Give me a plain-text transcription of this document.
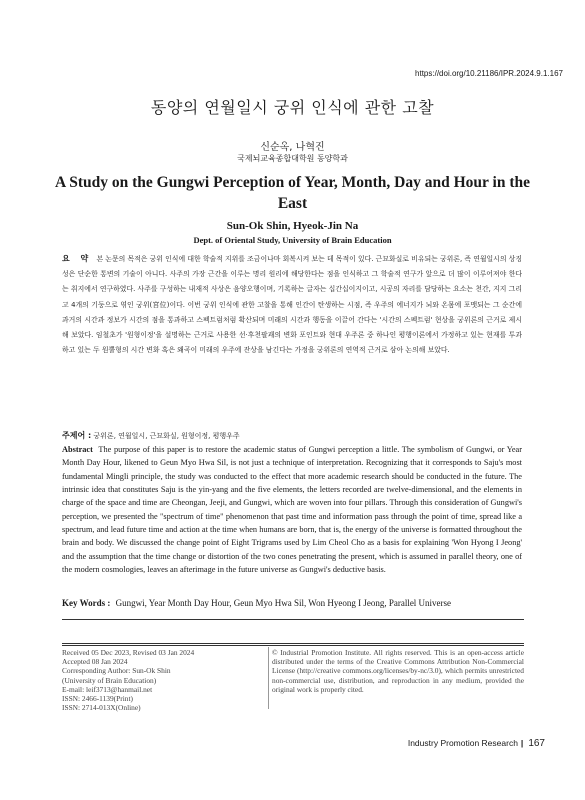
https://doi.org/10.21186/IPR.2024.9.1.167
동양의 연월일시 궁위 인식에 관한 고찰
신순옥, 나혁진
국제뇌교육종합대학원 동양학과
A Study on the Gungwi Perception of Year, Month, Day and Hour in the East
Sun-Ok Shin, Hyeok-Jin Na
Dept. of Oriental Study, University of Brain Education
요 약 본 논문의 목적은 궁위 인식에 대한 학술적 지위를 조금이나마 회복시켜 보는 데 목적이 있다. 근묘화실로 비유되는 궁위론, 즉 연월일시의 상징성은 단순한 통변의 기술이 아니다. 사주의 가장 근간을 이루는 명리 원리에 해당한다는 점을 인식하고 그 학술적 연구가 앞으로 더 많이 이루어져야 한다는 취지에서 연구하였다. 사주를 구성하는 내재적 사상은 음양오행이며, 기록하는 글자는 십간십이지이고, 시공의 자리를 담당하는 요소는 천간, 지지 그리고 4개의 기둥으로 엮인 궁위(宮位)이다. 이번 궁위 인식에 관한 고찰을 통해 인간이 탄생하는 시점, 즉 우주의 에너지가 뇌와 온몸에 포맷되는 그 순간에 과거의 시간과 정보가 시간의 점을 통과하고 스펙트럼처럼 확산되며 미래의 시간과 행동을 이끌어 간다는 '시간의 스펙트럼' 현상을 궁위론의 근거로 제시해 보았다. 임철초가 '원형이정'을 설명하는 근거로 사용한 선·후천팔괘의 변화 포인트와 현대 우주론 중 하나인 평행이론에서 가정하고 있는 현재를 투과하고 있는 두 원뿔형의 시간 변화 혹은 왜곡이 미래의 우주에 잔상을 남긴다는 가정을 궁위론의 연역적 근거로 삼아 논의해 보았다.
주제어 : 궁위론, 연월일시, 근묘화실, 원형이정, 평행우주
Abstract The purpose of this paper is to restore the academic status of Gungwi perception a little. The symbolism of Gungwi, or Year Month Day Hour, likened to Geun Myo Hwa Sil, is not just a technique of interpretation. Recognizing that it corresponds to Saju's most fundamental Mingli principle, the study was conducted to the effect that more academic research should be conducted in the future. The intrinsic idea that constitutes Saju is the yin-yang and the five elements, the letters recorded are twelve-dimensional, and the elements in charge of the space and time are Cheongan, Jeeji, and Gungwi, which are woven into four pillars. Through this consideration of Gungwi's perception, we presented the "spectrum of time" phenomenon that past time and information pass through the point of time, spread like a spectrum, and lead future time and action at the time when humans are born, that is, the energy of the universe is formatted throughout the brain and body. We discussed the change point of Eight Trigrams used by Lim Cheol Cho as a basis for explaining 'Won Hyong I Jeong' and the assumption that the time change or distortion of the two cones penetrating the present, which is assumed in parallel theory, one of the modern cosmologies, leaves an afterimage in the future universe as Gungwi's deductive basis.
Key Words : Gungwi, Year Month Day Hour, Geun Myo Hwa Sil, Won Hyeong I Jeong, Parallel Universe
Received 05 Dec 2023, Revised 03 Jan 2024
Accepted 08 Jan 2024
Corresponding Author: Sun-Ok Shin
(University of Brain Education)
E-mail: leif3713@hanmail.net
ISSN: 2466-1139(Print)
ISSN: 2714-013X(Online)
© Industrial Promotion Institute. All rights reserved. This is an open-access article distributed under the terms of the Creative Commons Attribution Non-Commercial License (http://creative commons.org/licenses/by-nc/3.0), which permits unrestricted non-commercial use, distribution, and reproduction in any medium, provided the original work is properly cited.
Industry Promotion Research | 167
